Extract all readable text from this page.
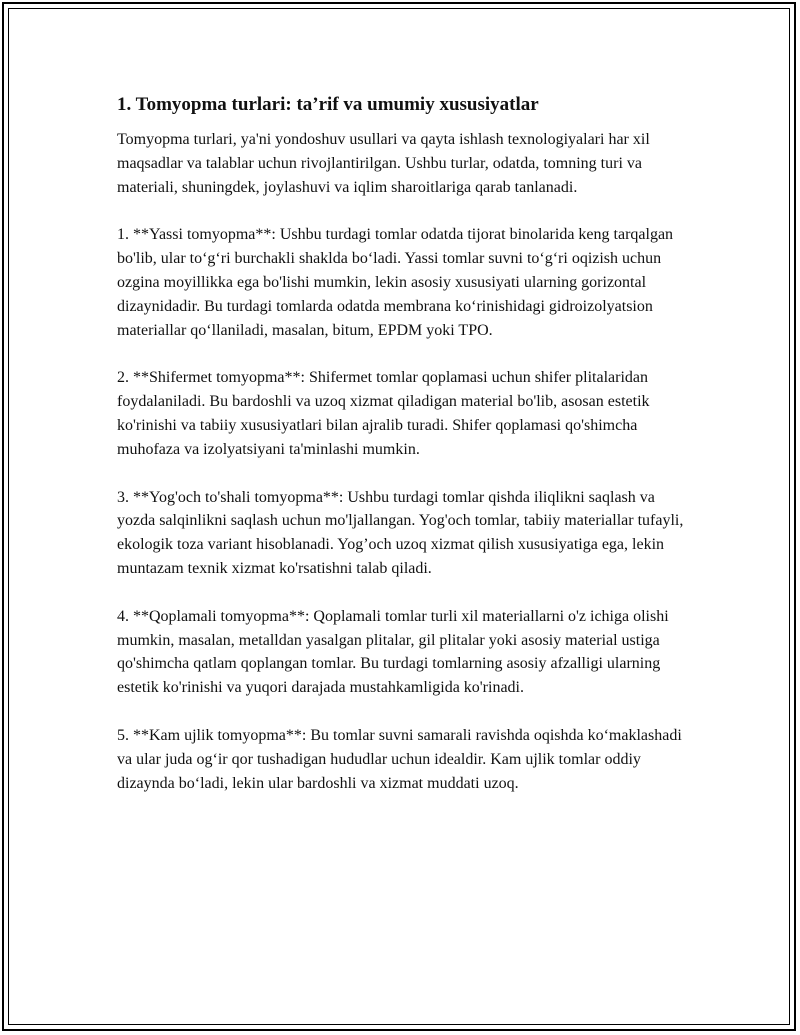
1. Tomyopma turlari: ta’rif va umumiy xususiyatlar

Tomyopma turlari, ya'ni yondoshuv usullari va qayta ishlash texnologiyalari har xil maqsadlar va talablar uchun rivojlantirilgan. Ushbu turlar, odatda, tomning turi va materiali, shuningdek, joylashuvi va iqlim sharoitlariga qarab tanlanadi.

1. **Yassi tomyopma**: Ushbu turdagi tomlar odatda tijorat binolarida keng tarqalgan bo'lib, ular to‘g‘ri burchakli shaklda bo‘ladi. Yassi tomlar suvni to‘g‘ri oqizish uchun ozgina moyillikka ega bo'lishi mumkin, lekin asosiy xususiyati ularning gorizontal dizaynidadir. Bu turdagi tomlarda odatda membrana ko‘rinishidagi gidroizolyatsion materiallar qo‘llaniladi, masalan, bitum, EPDM yoki TPO.

2. **Shifermet tomyopma**: Shifermet tomlar qoplamasi uchun shifer plitalaridan foydalaniladi. Bu bardoshli va uzoq xizmat qiladigan material bo'lib, asosan estetik ko'rinishi va tabiiy xususiyatlari bilan ajralib turadi. Shifer qoplamasi qo'shimcha muhofaza va izolyatsiyani ta'minlashi mumkin.

3. **Yog'och to'shali tomyopma**: Ushbu turdagi tomlar qishda iliqlikni saqlash va yozda salqinlikni saqlash uchun mo'ljallangan. Yog'och tomlar, tabiiy materiallar tufayli, ekologik toza variant hisoblanadi. Yog’och uzoq xizmat qilish xususiyatiga ega, lekin muntazam texnik xizmat ko'rsatishni talab qiladi.

4. **Qoplamali tomyopma**: Qoplamali tomlar turli xil materiallarni o'z ichiga olishi mumkin, masalan, metalldan yasalgan plitalar, gil plitalar yoki asosiy material ustiga qo'shimcha qatlam qoplangan tomlar. Bu turdagi tomlarning asosiy afzalligi ularning estetik ko'rinishi va yuqori darajada mustahkamligida ko'rinadi.

5. **Kam ujlik tomyopma**: Bu tomlar suvni samarali ravishda oqishda ko‘maklashadi va ular juda og‘ir qor tushadigan hududlar uchun idealdir. Kam ujlik tomlar oddiy dizaynda bo‘ladi, lekin ular bardoshli va xizmat muddati uzoq.
